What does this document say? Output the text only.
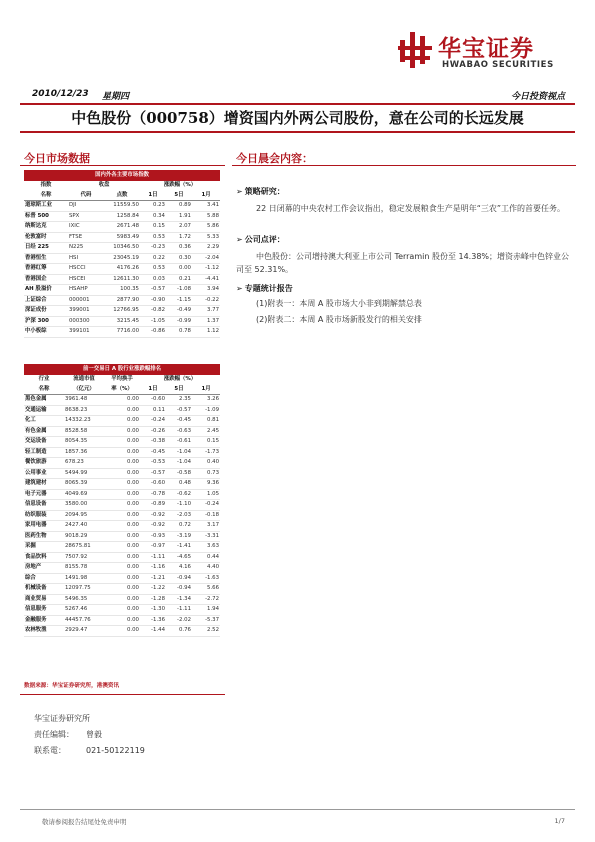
华宝证券
HWABAO SECURITIES
2010/12/23 星期四	今日投资视点
中色股份（000758）增资国内外两公司股份，意在公司的长远发展
今日市场数据
国内外各主要市场指数					
指数	收盘		涨跌幅（%）		
名称	代码	点数	1日	5日	1月
道琼斯工业	DJI	11559.50	0.23	0.89	3.41
标普 500	SPX	1258.84	0.34	1.91	5.88
纳斯达克	IXIC	2671.48	0.15	2.07	5.86
伦敦富时	FTSE	5983.49	0.53	1.72	5.33
日经 225	N225	10346.50	-0.23	0.36	2.29
香港恒生	HSI	23045.19	0.22	0.30	-2.04
香港红筹	HSCCI	4176.26	0.53	0.00	-1.12
香港国企	HSCEI	12611.30	0.03	0.21	-4.41
AH 股溢价	HSAHP	100.35	-0.57	-1.08	3.94
上证综合	000001	2877.90	-0.90	-1.15	-0.22
深证成份	399001	12766.95	-0.82	-0.49	3.77
沪深 300	000300	3215.45	-1.05	-0.99	1.37
中小板综	399101	7716.00	-0.86	0.78	1.12
前一交易日 A 股行业涨跌幅排名					
行业	流通市值	平均换手	涨跌幅（%）		
名称	（亿元）	率（%）	1日	5日	1月
黑色金属	3961.48	0.00	-0.60	2.35	3.26
交通运输	8638.23	0.00	0.11	-0.57	-1.09
化工	14332.23	0.00	-0.24	-0.45	0.81
有色金属	8528.58	0.00	-0.26	-0.63	2.45
交运设备	8054.35	0.00	-0.38	-0.61	0.15
轻工制造	1857.36	0.00	-0.45	-1.04	-1.73
餐饮旅游	678.23	0.00	-0.53	-1.04	0.40
公用事业	5494.99	0.00	-0.57	-0.58	0.73
建筑建材	8065.39	0.00	-0.60	0.48	9.36
电子元器	4049.69	0.00	-0.78	-0.62	1.05
信息设备	3580.00	0.00	-0.89	-1.10	-0.24
纺织服装	2094.95	0.00	-0.92	-2.03	-0.18
家用电器	2427.40	0.00	-0.92	0.72	3.17
医药生物	9018.29	0.00	-0.93	-3.19	-3.31
采掘	28675.81	0.00	-0.97	-1.41	3.63
食品饮料	7507.92	0.00	-1.11	-4.65	0.44
房地产	8155.78	0.00	-1.16	4.16	4.40
综合	1491.98	0.00	-1.21	-0.94	-1.63
机械设备	12097.75	0.00	-1.22	-0.94	5.66
商业贸易	5496.35	0.00	-1.28	-1.34	-2.72
信息服务	5267.46	0.00	-1.30	-1.11	1.94
金融服务	44457.76	0.00	-1.36	-2.02	-5.37
农林牧渔	2929.47	0.00	-1.44	0.76	2.52
数据来源：华宝证券研究所，港澳资讯
华宝证券研究所
责任编辑： 曾毅
联系電：	021-50122119
今日晨会内容：
➢ 策略研究：
22 日闭幕的中央农村工作会议指出，稳定发展粮食生产是明年“三农”工作的首要任务。
➢ 公司点评：
中色股份：公司增持澳大利亚上市公司 Terramin 股份至 14.38%；增资赤峰中色锌业公司至 52.31%。
➢ 专题统计报告
(1)附表一：本周 A 股市场大小非到期解禁总表
(2)附表二：本周 A 股市场新股发行的相关安排
敬请参阅报告结尾处免责申明	1/7
